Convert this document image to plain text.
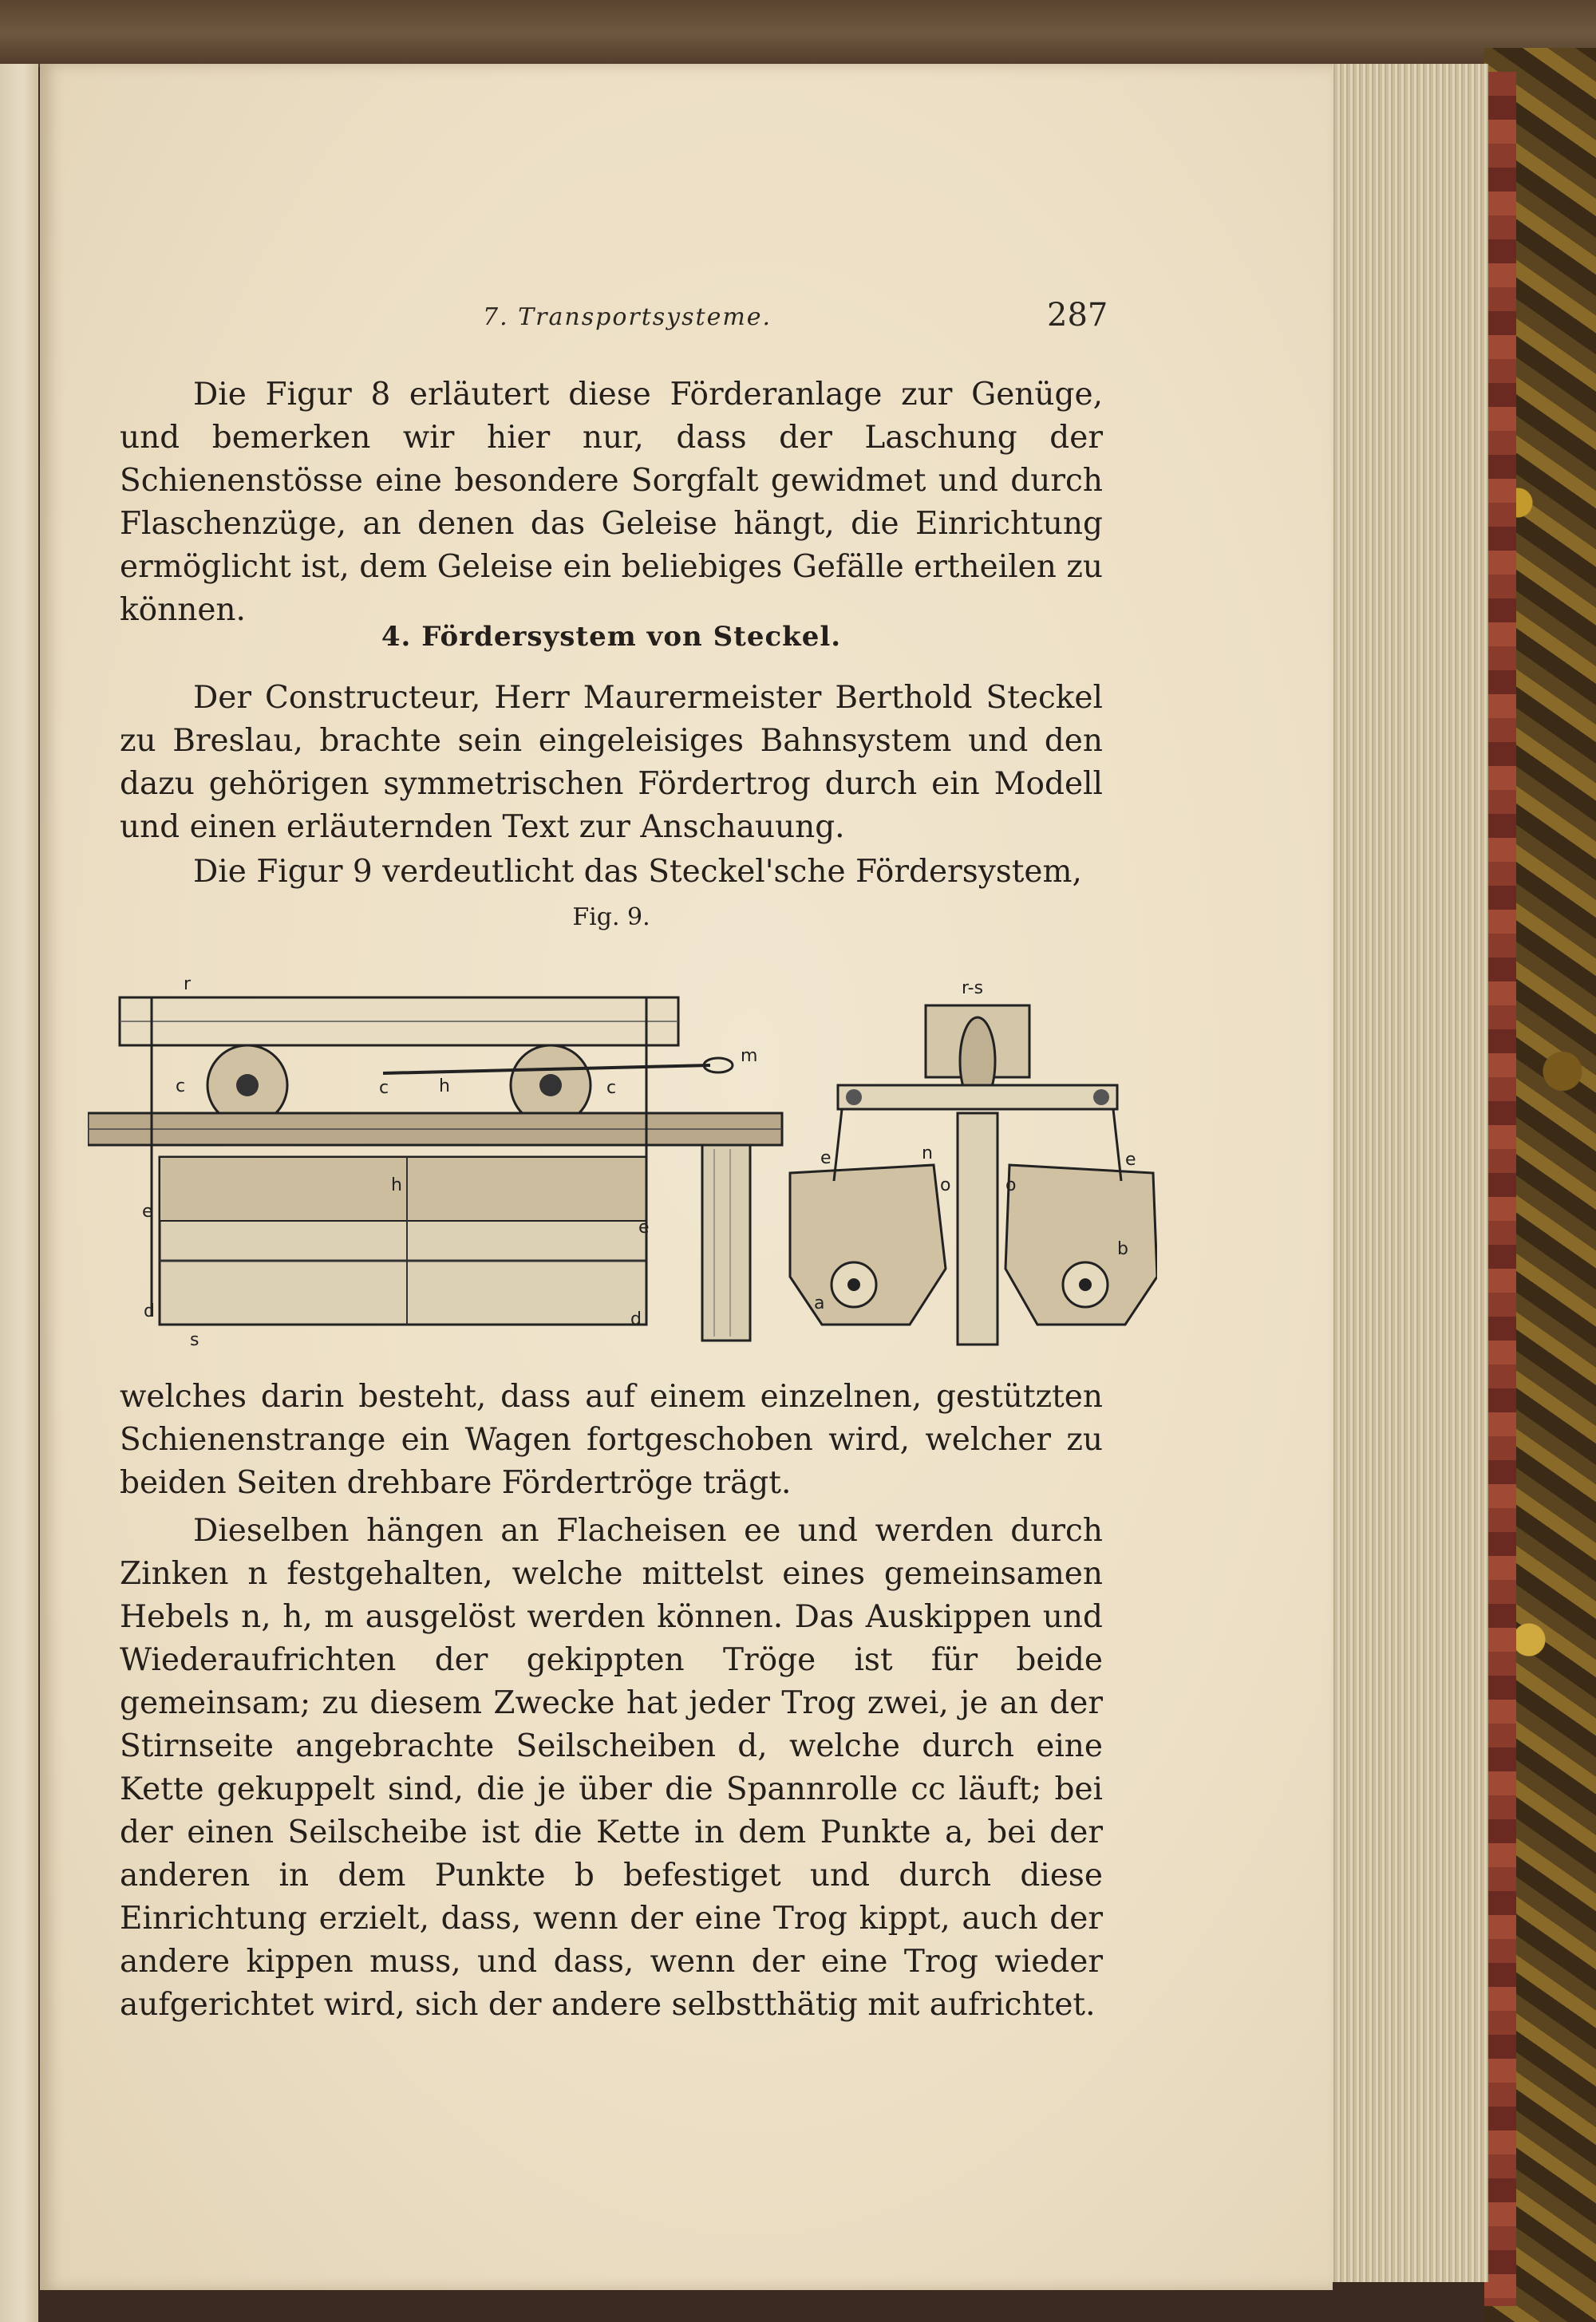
7. Transportsysteme.	287

Die Figur 8 erläutert diese Förderanlage zur Genüge, und bemerken wir hier nur, dass der Laschung der Schienenstösse eine besondere Sorgfalt gewidmet und durch Flaschenzüge, an denen das Geleise hängt, die Einrichtung ermöglicht ist, dem Geleise ein beliebiges Gefälle ertheilen zu können.

4. Fördersystem von Steckel.

Der Constructeur, Herr Maurermeister Berthold Steckel zu Breslau, brachte sein eingeleisiges Bahnsystem und den dazu gehörigen symmetrischen Fördertrog durch ein Modell und einen erläuternden Text zur Anschauung.

Die Figur 9 verdeutlicht das Steckel'sche Fördersystem,

Fig. 9.
r
c	c	c
h
h
m
e
e
d	d
s
r-s
e	e
n
o	o
a
b

welches darin besteht, dass auf einem einzelnen, gestützten Schienenstrange ein Wagen fortgeschoben wird, welcher zu beiden Seiten drehbare Fördertröge trägt.

Dieselben hängen an Flacheisen ee und werden durch Zinken n festgehalten, welche mittelst eines gemeinsamen Hebels n, h, m ausgelöst werden können. Das Auskippen und Wiederaufrichten der gekippten Tröge ist für beide gemeinsam; zu diesem Zwecke hat jeder Trog zwei, je an der Stirnseite angebrachte Seilscheiben d, welche durch eine Kette gekuppelt sind, die je über die Spannrolle cc läuft; bei der einen Seilscheibe ist die Kette in dem Punkte a, bei der anderen in dem Punkte b befestiget und durch diese Einrichtung erzielt, dass, wenn der eine Trog kippt, auch der andere kippen muss, und dass, wenn der eine Trog wieder aufgerichtet wird, sich der andere selbstthätig mit aufrichtet.
